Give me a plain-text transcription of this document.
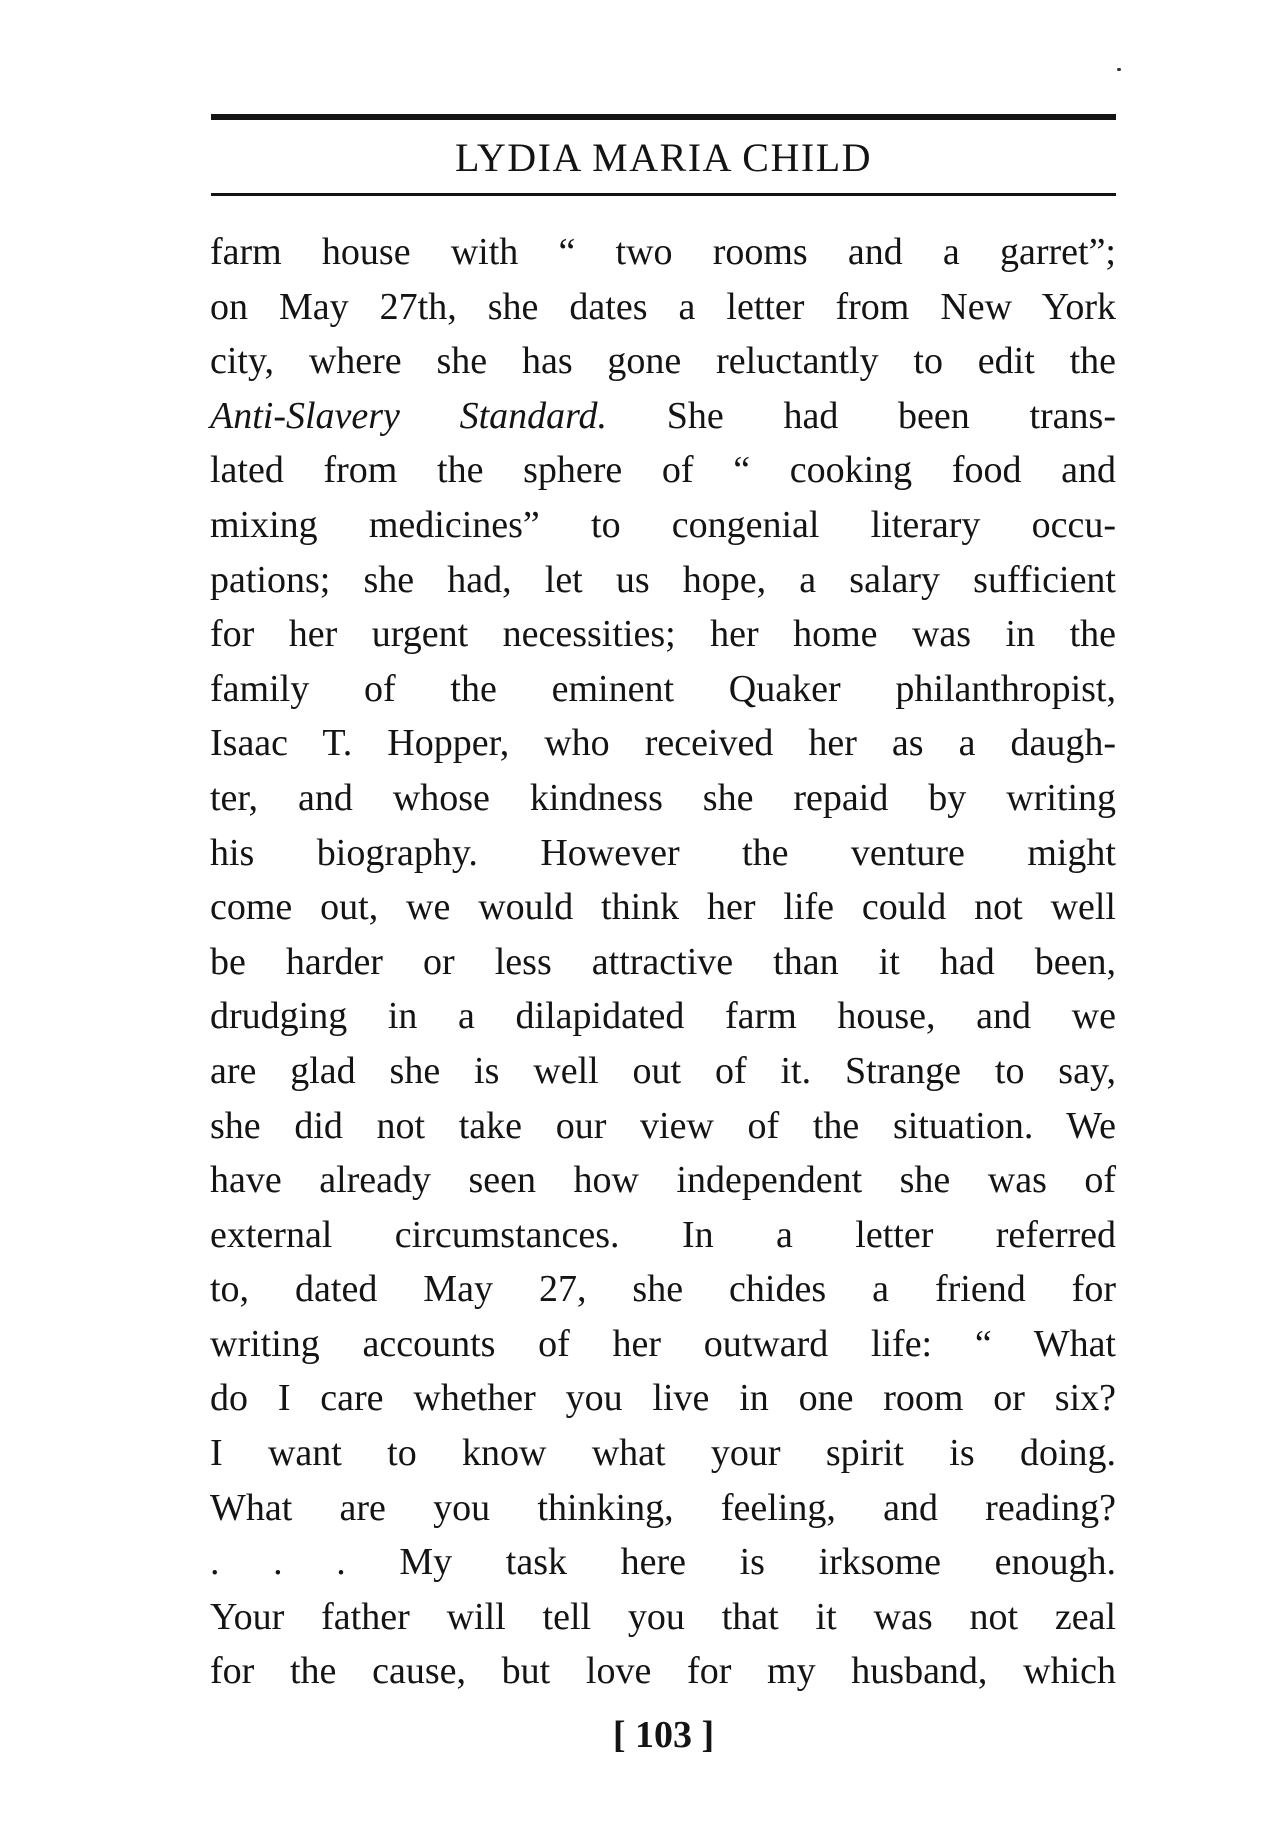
LYDIA MARIA CHILD
farm house with “ two rooms and a garret”;
on May 27th, she dates a letter from New York
city, where she has gone reluctantly to edit the
Anti-Slavery Standard. She had been trans-
lated from the sphere of “ cooking food and
mixing medicines” to congenial literary occu-
pations; she had, let us hope, a salary sufficient
for her urgent necessities; her home was in the
family of the eminent Quaker philanthropist,
Isaac T. Hopper, who received her as a daugh-
ter, and whose kindness she repaid by writing
his biography. However the venture might
come out, we would think her life could not well
be harder or less attractive than it had been,
drudging in a dilapidated farm house, and we
are glad she is well out of it. Strange to say,
she did not take our view of the situation. We
have already seen how independent she was of
external circumstances. In a letter referred
to, dated May 27, she chides a friend for
writing accounts of her outward life: “ What
do I care whether you live in one room or six?
I want to know what your spirit is doing.
What are you thinking, feeling, and reading?
. . . My task here is irksome enough.
Your father will tell you that it was not zeal
for the cause, but love for my husband, which
[ 103 ]
